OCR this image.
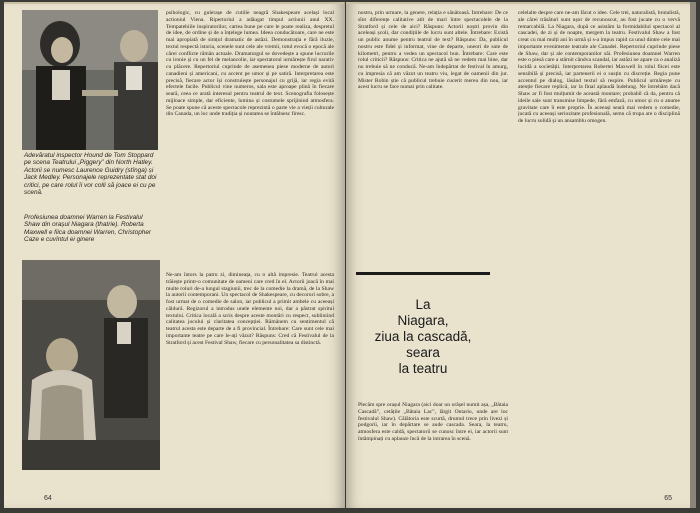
Adevăratul inspector Hound de Tom Stoppard pe scena Teatrului „Piggery” din North Hatley. Actorii se numesc Laurence Guidry (stînga) și Jack Medley. Personajele reprezentate stat doi critici, pe care rolul îi vor colli să joace ei cu pe scenă.
Profesiunea doamnei Warren la Festivalul Shaw din orașul Niagara (thatrie). Roberta Maxwell e fiica doamnei Warren, Christopher Caze e cuvîntul ei ginere
psihologic, cu gulerașe de cutiile neagră Shakespeare același local actioniul Viena. Ripertoriul a adăugat timpul actiunii anul XX. Tempatebiile inspiratorilor, cartea bune pe care le poate realiza, despretul de idee, de ordine și de a înțelege lumea. Ideea conducătoare, care ne este mai apropiată de simțul dramatic de astăzi. Demonstrația e fără iluzie, textul respectă istoria, scenele sunt cele ale vremii, totul evocă o epocă ale cărei conflicte rămân actuale. Dramaturgul se dovedește a spune lucrurile cu ironie și cu un fel de melancolie, iar spectatorul urmărește firul narativ cu plăcere. Repertoriul cuprinde de asemenea piese moderne de autori canadieni și americani, cu accent pe umor și pe satiră. Interpretarea este precisă, fiecare actor își construiește personajul cu grijă, iar regia evită efectele facile. Publicul vine numeros, sala este aproape plină în fiecare seară, ceea ce arată interesul pentru teatrul de text. Scenografia folosește mijloace simple, dar eficiente, lumina și costumele sprijinind atmosfera. Se poate spune că aceste spectacole reprezintă o parte vie a vieții culturale din Canada, un loc unde tradiția și noutatea se întâlnesc firesc.
Ne-am întors la patru zi, dimineața, cu o altă impresie. Teatrul acesta trăiește printr-o comunitate de oameni care cred în el. Actorii joacă în mai multe roluri de-a lungul stagiunii, trec de la comedie la dramă, de la Shaw la autorii contemporani. Un spectacol de Shakespeare, cu decoruri sobre, a fost urmat de o comedie de salon, iar publicul a primit ambele cu aceeași căldură. Regizorul a introdus unele elemente noi, dar a păstrat spiritul textului. Critica locală a scris despre aceste montări cu respect, subliniind calitatea jocului și claritatea concepției. Rămânem cu sentimentul că teatrul acesta este departe de a fi provincial. Întrebare: Care sunt cele mai importante teatre pe care le-ați văzut? Răspuns: Cred că Festivalul de la Stratford și acest Festival Shaw, fiecare cu personalitatea sa distinctă.
64
nostru, prin urmare, la genere, relația e sănătoasă. Întrebare: De ce sînt diferențe calitative atît de mari între spectacolele de la Stratford și cele de aici? Răspuns: Actorii noștri provin din aceleași școli, dar condițiile de lucru sunt altele. Întrebare: Există un public anume pentru teatrul de text? Răspuns: Da, publicul nostru este fidel și informat, vine de departe, uneori de sute de kilometri, pentru a vedea un spectacol bun. Întrebare: Care este rolul criticii? Răspuns: Critica ne ajută să ne vedem mai bine, dar nu trebuie să ne conducă. Ne-am îndepărtat de festival în amurg, cu impresia că am văzut un teatru viu, legat de oamenii din jur. Mister Robin știe că publicul trebuie cucerit mereu din nou, iar acest lucru se face numai prin calitate.
La
Niagara,
ziua la cascadă,
seara
la teatru
Plecăm spre orașul Niagara (aici doar un orășel numit așa, „Bătaia Cascadă”, cetățile „Bătaia Lac”, lărgit Ontario, unde are loc festivalul Shaw). Călătoria este scurtă, drumul trece prin livezi și podgorii, iar în depărtare se aude cascada. Seara, la teatru, atmosfera este caldă, spectatorii se cunosc între ei, iar actorii sunt întâmpinați cu aplauze încă de la intrarea în scenă.
celelalte despre care ne-am făcut o idee. Cele trei, naturalistă, brutalistă, ale cărei trăsături sunt ușor de recunoscut, au fost jucate cu o vervă remarcabilă. La Niagara, după ce asistăm la formidabilul spectacol al cascadei, de zi și de noapte, mergem la teatru. Festivalul Shaw a fost creat cu mai mulți ani în urmă și s-a impus rapid ca unul dintre cele mai importante evenimente teatrale ale Canadei. Repertoriul cuprinde piese de Shaw, dar și ale contemporanilor săi. Profesiunea doamnei Warren este o piesă care a stârnit cândva scandal, iar astăzi ne apare ca o analiză lucidă a societății. Interpretarea Robertei Maxwell în rolul fiicei este sensibilă și precisă, iar partenerii ei o susțin cu discreție. Regia pune accentul pe dialog, lăsând textul să respire. Publicul urmărește cu atenție fiecare replică, iar la final aplaudă îndelung. Ne întrebăm dacă Shaw ar fi fost mulțumit de această montare; probabil că da, pentru că ideile sale sunt transmise limpede, fără emfază, cu umor și cu o anume gravitate care îi este proprie. În aceeași seară mai vedem o comedie, jucată cu aceeași seriozitate profesională, semn că trupa are o disciplină de lucru solidă și un ansamblu omogen.
65
